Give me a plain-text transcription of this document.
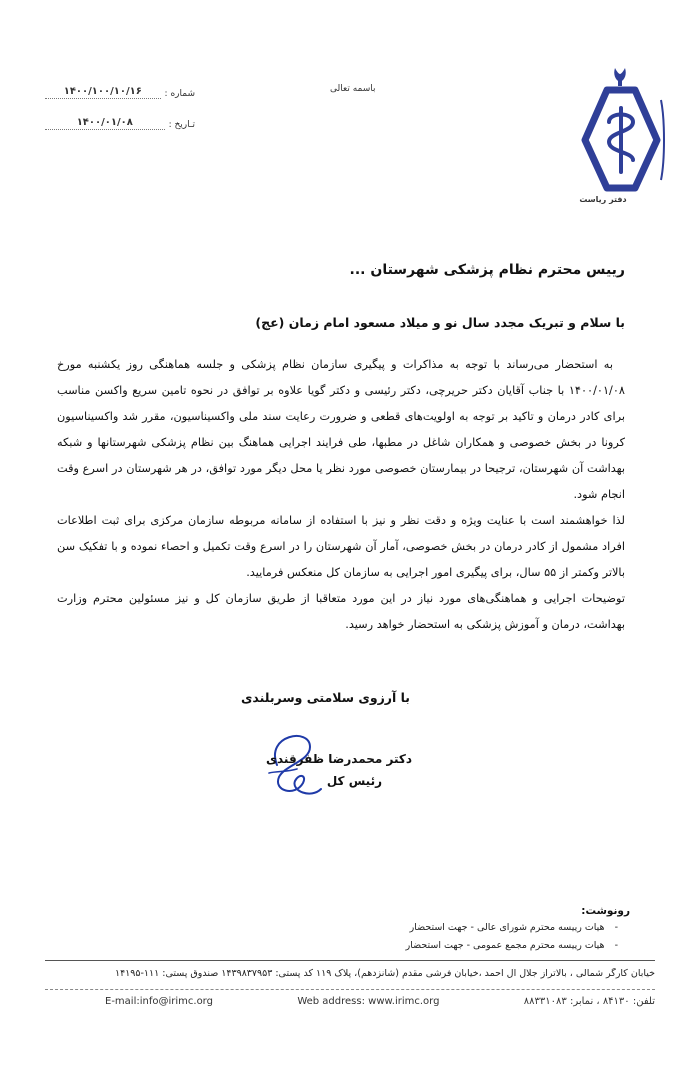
باسمه تعالی
شماره :
۱۴۰۰/۱۰۰/۱۰/۱۶
تـاریخ :
۱۴۰۰/۰۱/۰۸
دفتر ریاست
رییس محترم نظام پزشکی شهرستان ...
با سلام و تبریک مجدد سال نو و میلاد مسعود امام زمان (عج)

به استحضار می‌رساند با توجه به مذاکرات و پیگیری سازمان نظام پزشکی و جلسه هماهنگی روز یکشنبه مورخ ۱۴۰۰/۰۱/۰۸ با جناب آقایان دکتر حریرچی، دکتر رئیسی و دکتر گویا علاوه بر توافق در نحوه تامین سریع واکسن مناسب برای کادر درمان و تاکید بر توجه به اولویت‌های قطعی و ضرورت رعایت سند ملی واکسیناسیون، مقرر شد واکسیناسیون کرونا در بخش خصوصی و همکاران شاغل در مطبها، طی فرایند اجرایی هماهنگ بین نظام پزشکی شهرستانها و شبکه بهداشت آن شهرستان، ترجیحا در بیمارستان خصوصی مورد نظر یا محل دیگر مورد توافق، در هر شهرستان در اسرع وقت انجام شود.

لذا خواهشمند است با عنایت ویژه و دقت نظر و نیز با استفاده از سامانه مربوطه سازمان مرکزی برای ثبت اطلاعات افراد مشمول از کادر درمان در بخش خصوصی، آمار آن شهرستان را در اسرع وقت تکمیل و احصاء نموده و با تفکیک سن بالاتر وکمتر از ۵۵ سال، برای پیگیری امور اجرایی به سازمان کل منعکس فرمایید.

توضیحات اجرایی و هماهنگی‌های مورد نیاز در این مورد متعاقبا از طریق سازمان کل و نیز مسئولین محترم وزارت بهداشت، درمان و آموزش پزشکی به استحضار خواهد رسید.

با آرزوی سلامتی وسربلندی
دکتر محمدرضا ظفرقندی
رئیس کل
رونوشت:
-هیات رییسه محترم شورای عالی - جهت استحضار
-هیات رییسه محترم مجمع عمومی - جهت استحضار
خیابان کارگر شمالی ، بالاتراز جلال آل احمد ،خیابان فرشی مقدم (شانزدهم)، پلاک ۱۱۹ کد پستی: ۱۴۳۹۸۳۷۹۵۳ صندوق پستی: ۱۱۱-۱۴۱۹۵
E-mail:info@irimc.org	Web address: www.irimc.org	تلفن: ۸۴۱۳۰ ، نمابر: ۸۸۳۳۱۰۸۳
